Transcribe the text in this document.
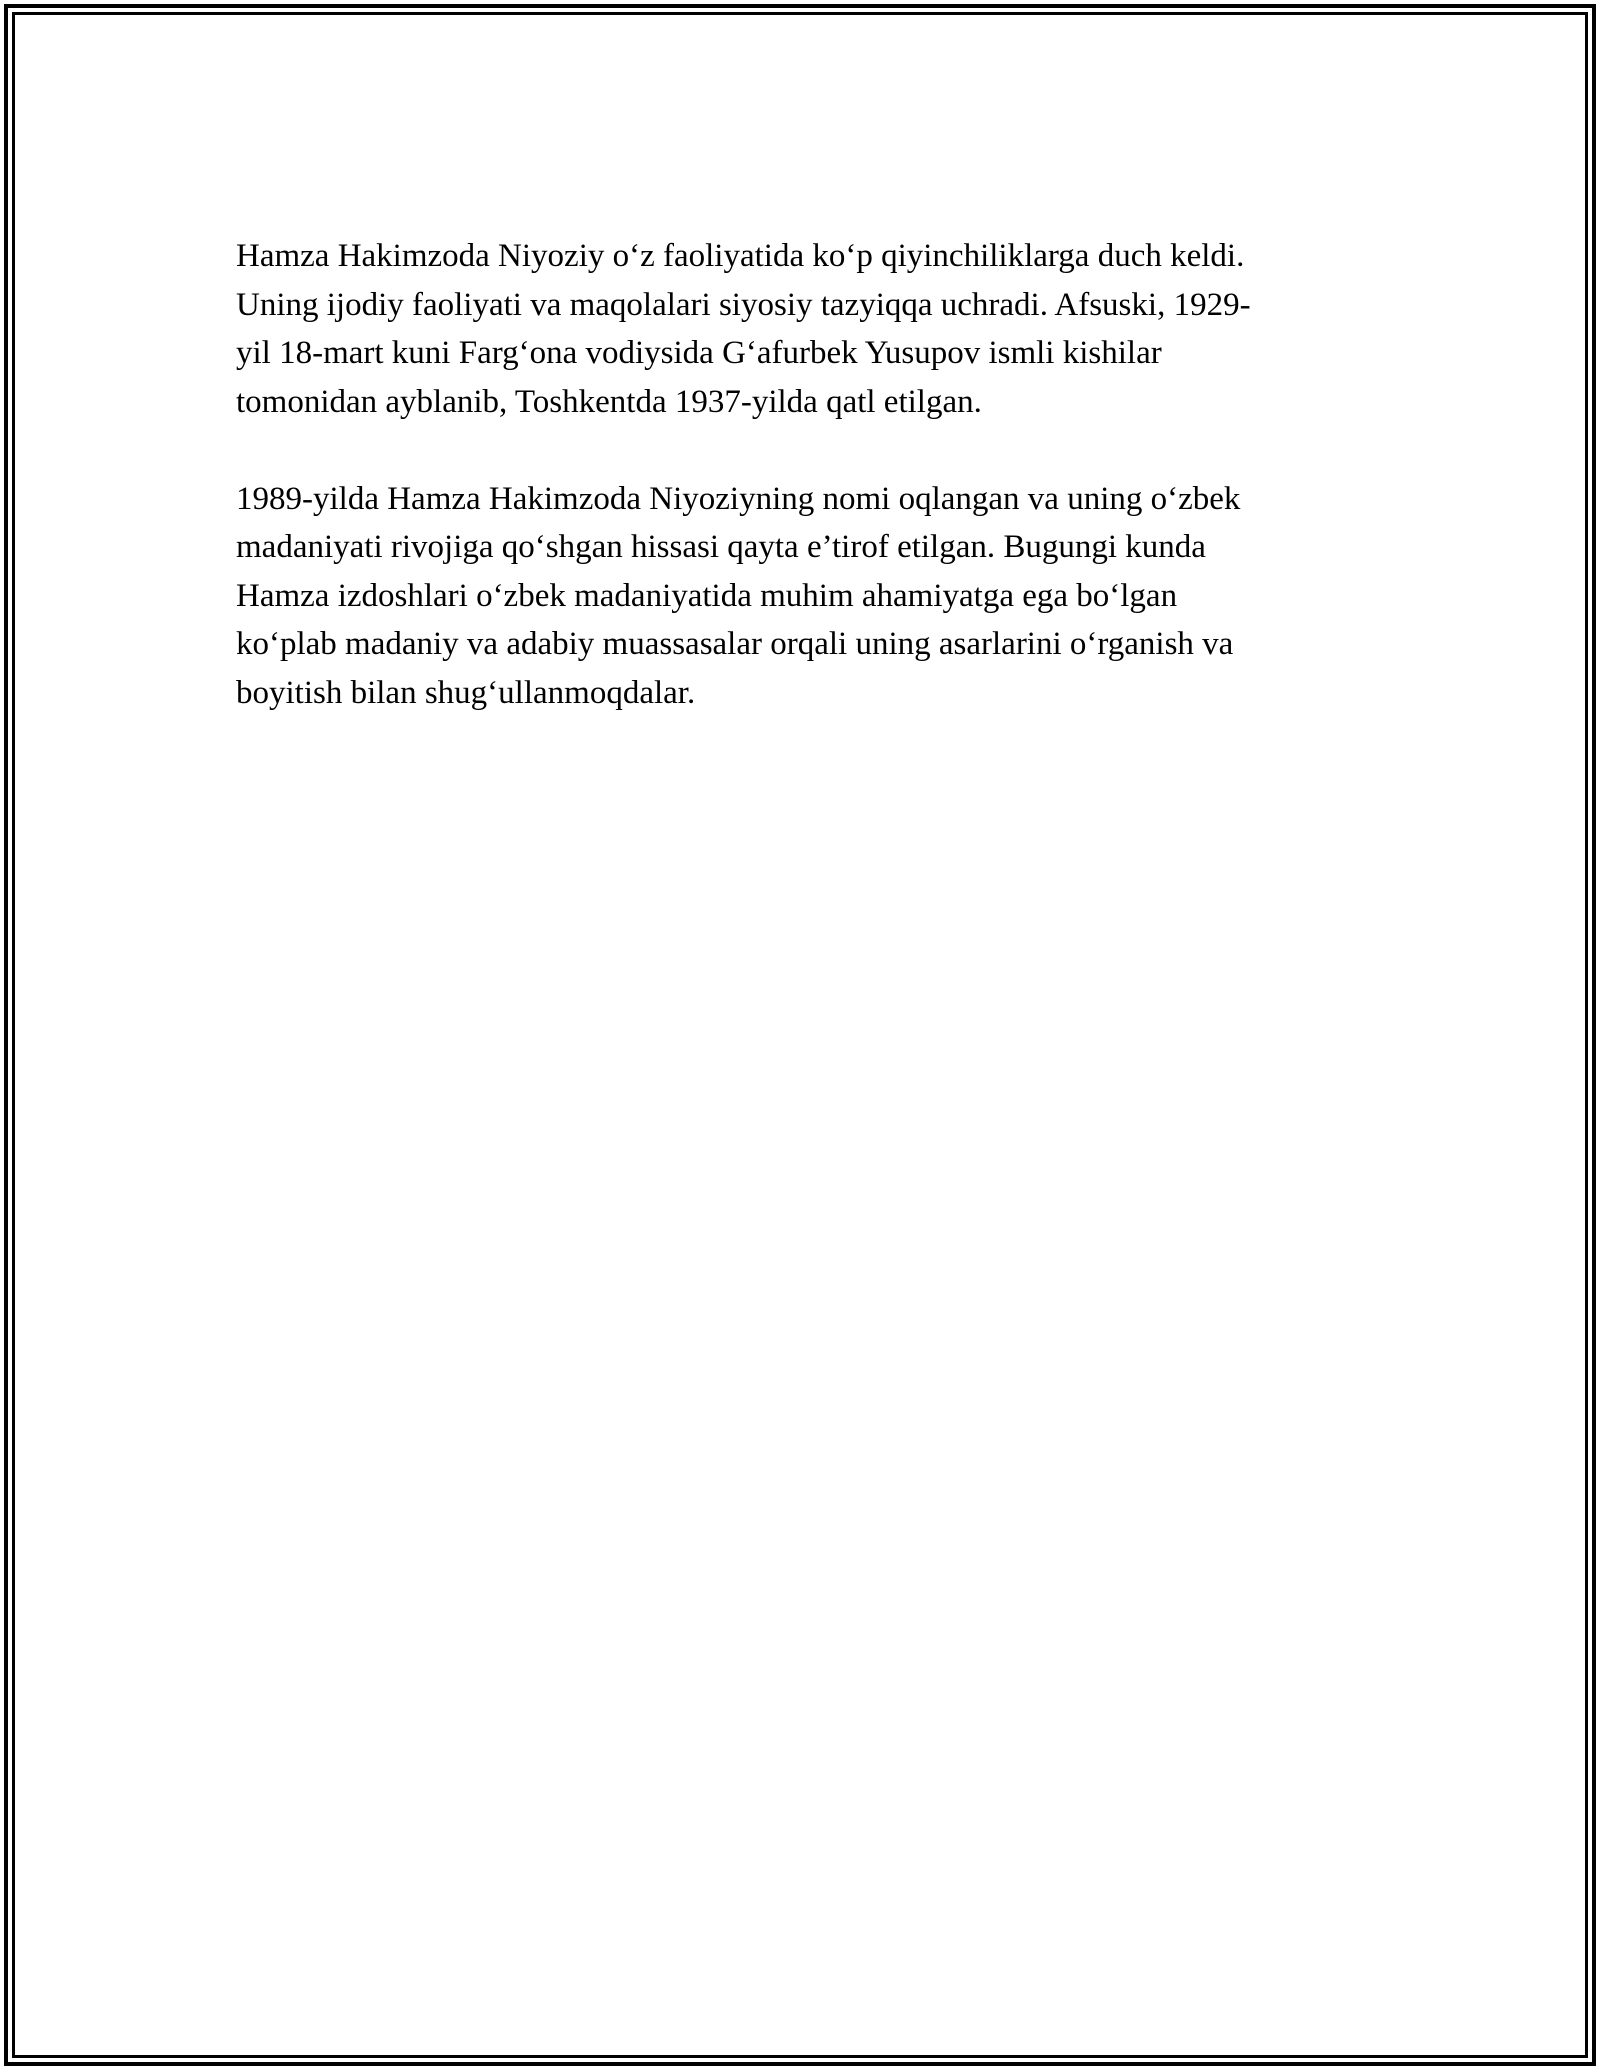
Hamza Hakimzoda Niyoziy o‘z faoliyatida ko‘p qiyinchiliklarga duch keldi.
Uning ijodiy faoliyati va maqolalari siyosiy tazyiqqa uchradi. Afsuski, 1929-
yil 18-mart kuni Farg‘ona vodiysida G‘afurbek Yusupov ismli kishilar
tomonidan ayblanib, Toshkentda 1937-yilda qatl etilgan.

1989-yilda Hamza Hakimzoda Niyoziyning nomi oqlangan va uning o‘zbek
madaniyati rivojiga qo‘shgan hissasi qayta e’tirof etilgan. Bugungi kunda
Hamza izdoshlari o‘zbek madaniyatida muhim ahamiyatga ega bo‘lgan
ko‘plab madaniy va adabiy muassasalar orqali uning asarlarini o‘rganish va
boyitish bilan shug‘ullanmoqdalar.
